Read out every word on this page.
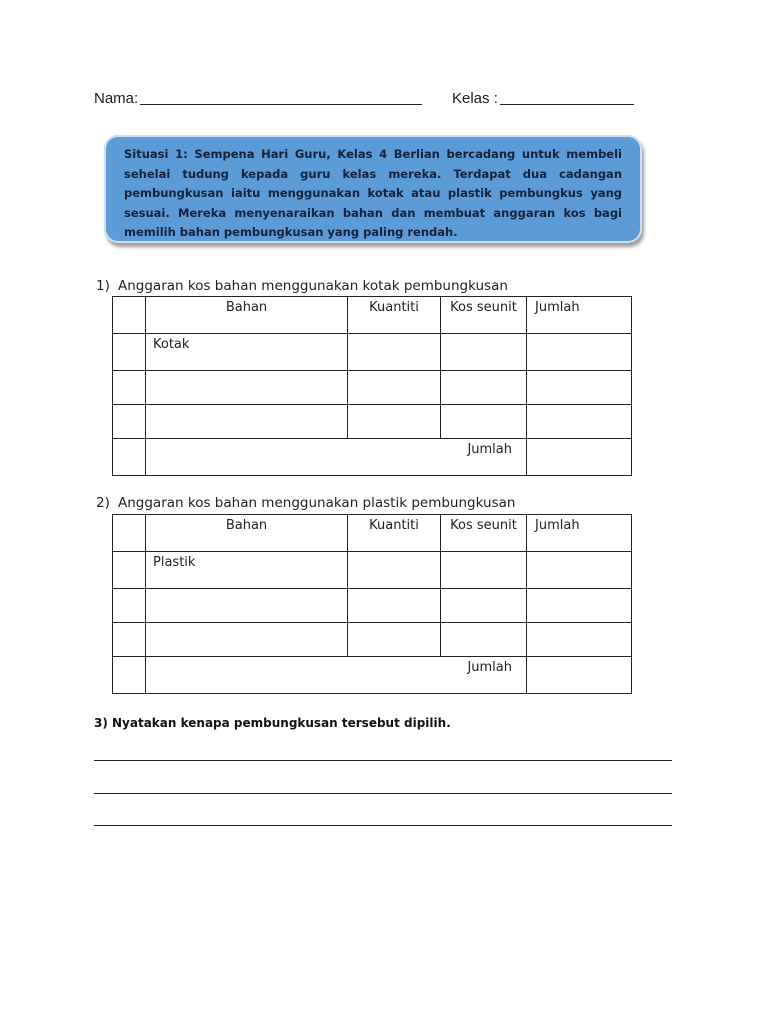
Nama:	Kelas :

Situasi 1: Sempena Hari Guru, Kelas 4 Berlian bercadang untuk membeli sehelai tudung kepada guru kelas mereka. Terdapat dua cadangan pembungkusan iaitu menggunakan kotak atau plastik pembungkus yang sesuai. Mereka menyenaraikan bahan dan membuat anggaran kos bagi memilih bahan pembungkusan yang paling rendah.

1) Anggaran kos bahan menggunakan kotak pembungkusan
	Bahan	Kuantiti	Kos seunit	Jumlah
	Kotak			

	Jumlah			
2) Anggaran kos bahan menggunakan plastik pembungkusan
	Bahan	Kuantiti	Kos seunit	Jumlah
	Plastik			

	Jumlah			
3) Nyatakan kenapa pembungkusan tersebut dipilih.
